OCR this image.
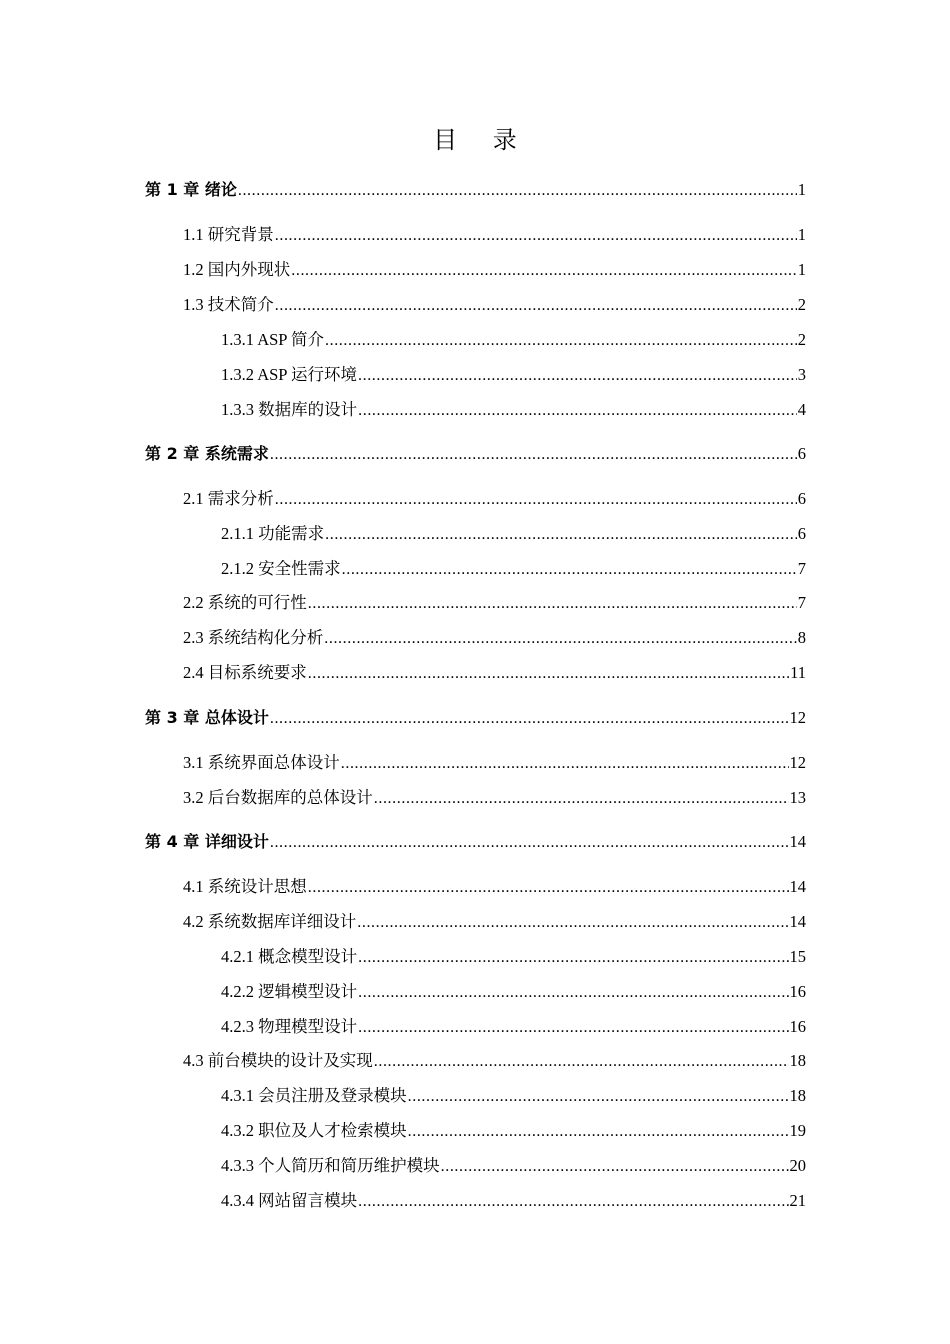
目 录
第 1 章 绪论 .....	1
1.1 研究背景 .....	1
1.2 国内外现状 .....	1
1.3 技术简介 .....	2
1.3.1 ASP 简介 .....	2
1.3.2 ASP 运行环境 .....	3
1.3.3 数据库的设计 .....	4
第 2 章 系统需求 .....	6
2.1 需求分析 .....	6
2.1.1 功能需求 .....	6
2.1.2 安全性需求 .....	7
2.2 系统的可行性 .....	7
2.3 系统结构化分析 .....	8
2.4 目标系统要求 .....	11
第 3 章 总体设计 .....	12
3.1 系统界面总体设计 .....	12
3.2 后台数据库的总体设计 .....	13
第 4 章 详细设计 .....	14
4.1 系统设计思想 .....	14
4.2 系统数据库详细设计 .....	14
4.2.1 概念模型设计 .....	15
4.2.2 逻辑模型设计 .....	16
4.2.3 物理模型设计 .....	16
4.3 前台模块的设计及实现 .....	18
4.3.1 会员注册及登录模块 .....	18
4.3.2 职位及人才检索模块 .....	19
4.3.3 个人简历和简历维护模块 .....	20
4.3.4 网站留言模块 .....	21
